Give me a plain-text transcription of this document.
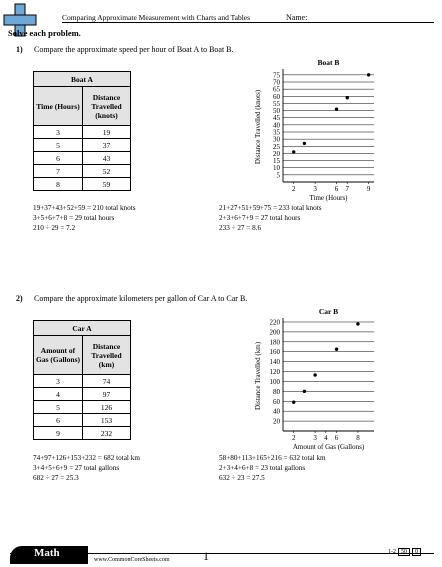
Comparing Approximate Measurement with Charts and Tables	Name:
Solve each problem.
1) Compare the approximate speed per hour of Boat A to Boat B.
Boat A	
Time (Hours)	Distance Travelled (knots)
3	19
5	37
6	43
7	52
8	59
Boat B
5
10
15
20
25
30
35
40
45
50
55
60
65
70
75
2	3	6 7	9
Time (Hours)
Distance Travelled (knots)
19+37+43+52+59 = 210 total knots
3+5+6+7+8 = 29 total hours
210 ÷ 29 = 7.2
21+27+51+59+75 = 233 total knots
2+3+6+7+9 = 27 total hours
233 ÷ 27 = 8.6
2) Compare the approximate kilometers per gallon of Car A to Car B.
Car A	
Amount of Gas (Gallons)	Distance Travelled (km)
3	74
4	97
5	126
6	153
9	232
Car B
20
40
60
80
100
120
140
160
180
200
220
2	3 4 6	8
Amount of Gas (Gallons)
Distance Travelled (km)
74+97+126+153+232 = 682 total km
3+4+5+6+9 = 27 total gallons
682 ÷ 27 = 25.3
58+80+113+165+216 = 632 total km
2+3+4+6+8 = 23 total gallons
632 ÷ 23 = 27.5
Math
www.CommonCoreSheets.com	1	1-2 50 0
